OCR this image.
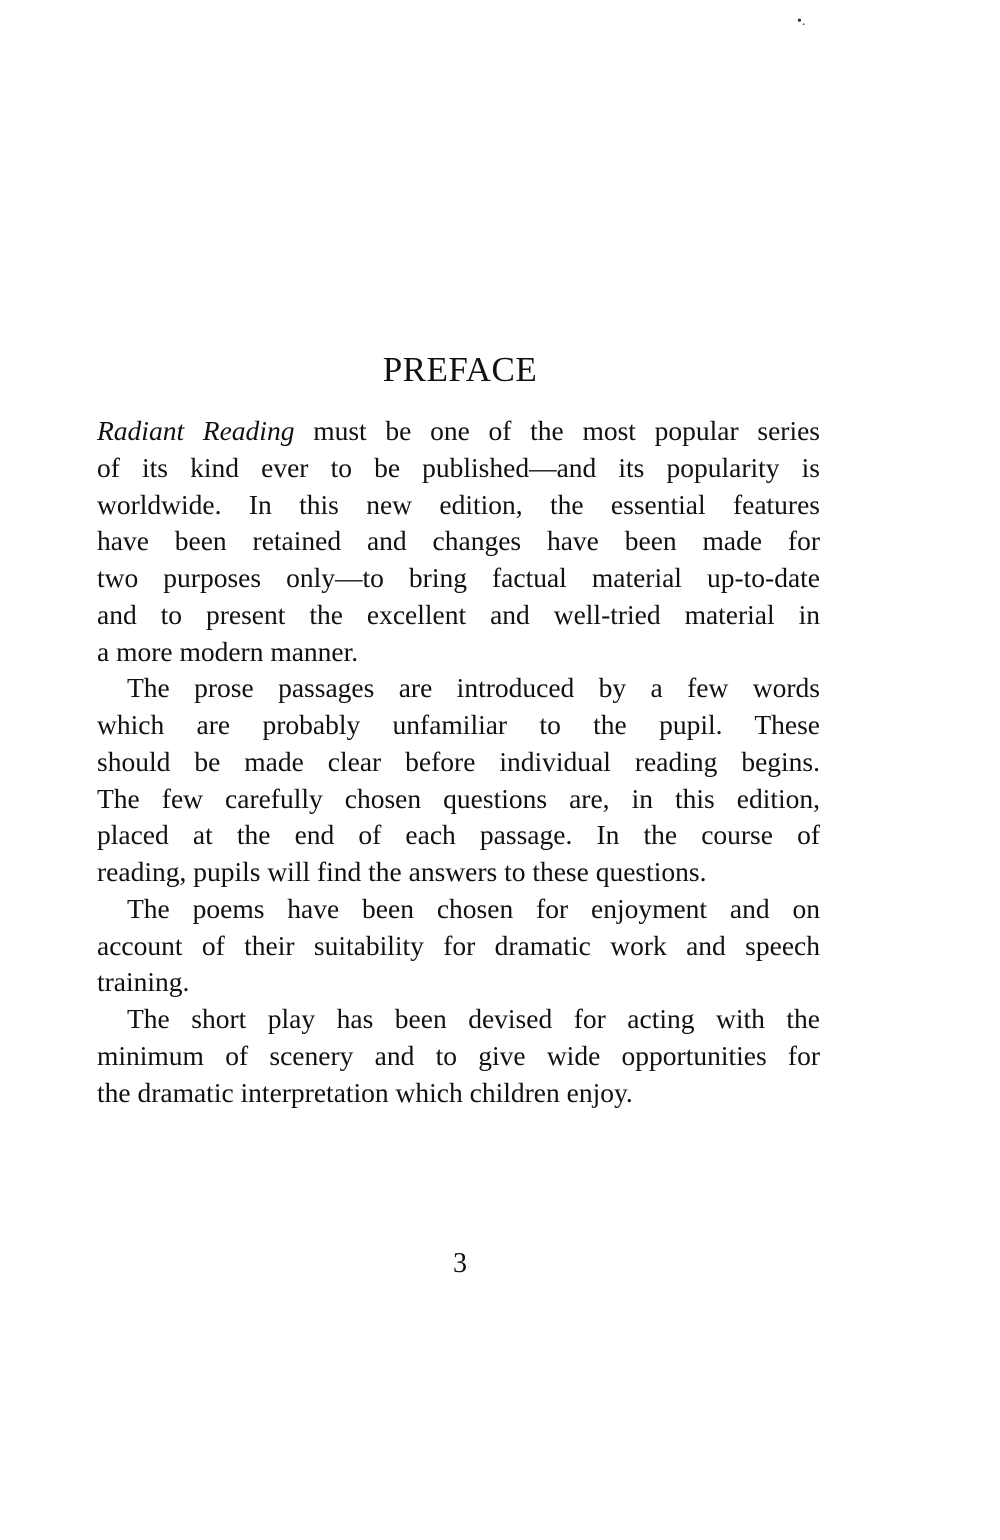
•.
PREFACE
Radiant Reading must be one of the most popular series
of its kind ever to be published—and its popularity is
worldwide. In this new edition, the essential features
have been retained and changes have been made for
two purposes only—to bring factual material up-to-date
and to present the excellent and well-tried material in
a more modern manner.
The prose passages are introduced by a few words
which are probably unfamiliar to the pupil. These
should be made clear before individual reading begins.
The few carefully chosen questions are, in this edition,
placed at the end of each passage. In the course of
reading, pupils will find the answers to these questions.
The poems have been chosen for enjoyment and on
account of their suitability for dramatic work and speech
training.
The short play has been devised for acting with the
minimum of scenery and to give wide opportunities for
the dramatic interpretation which children enjoy.
3
